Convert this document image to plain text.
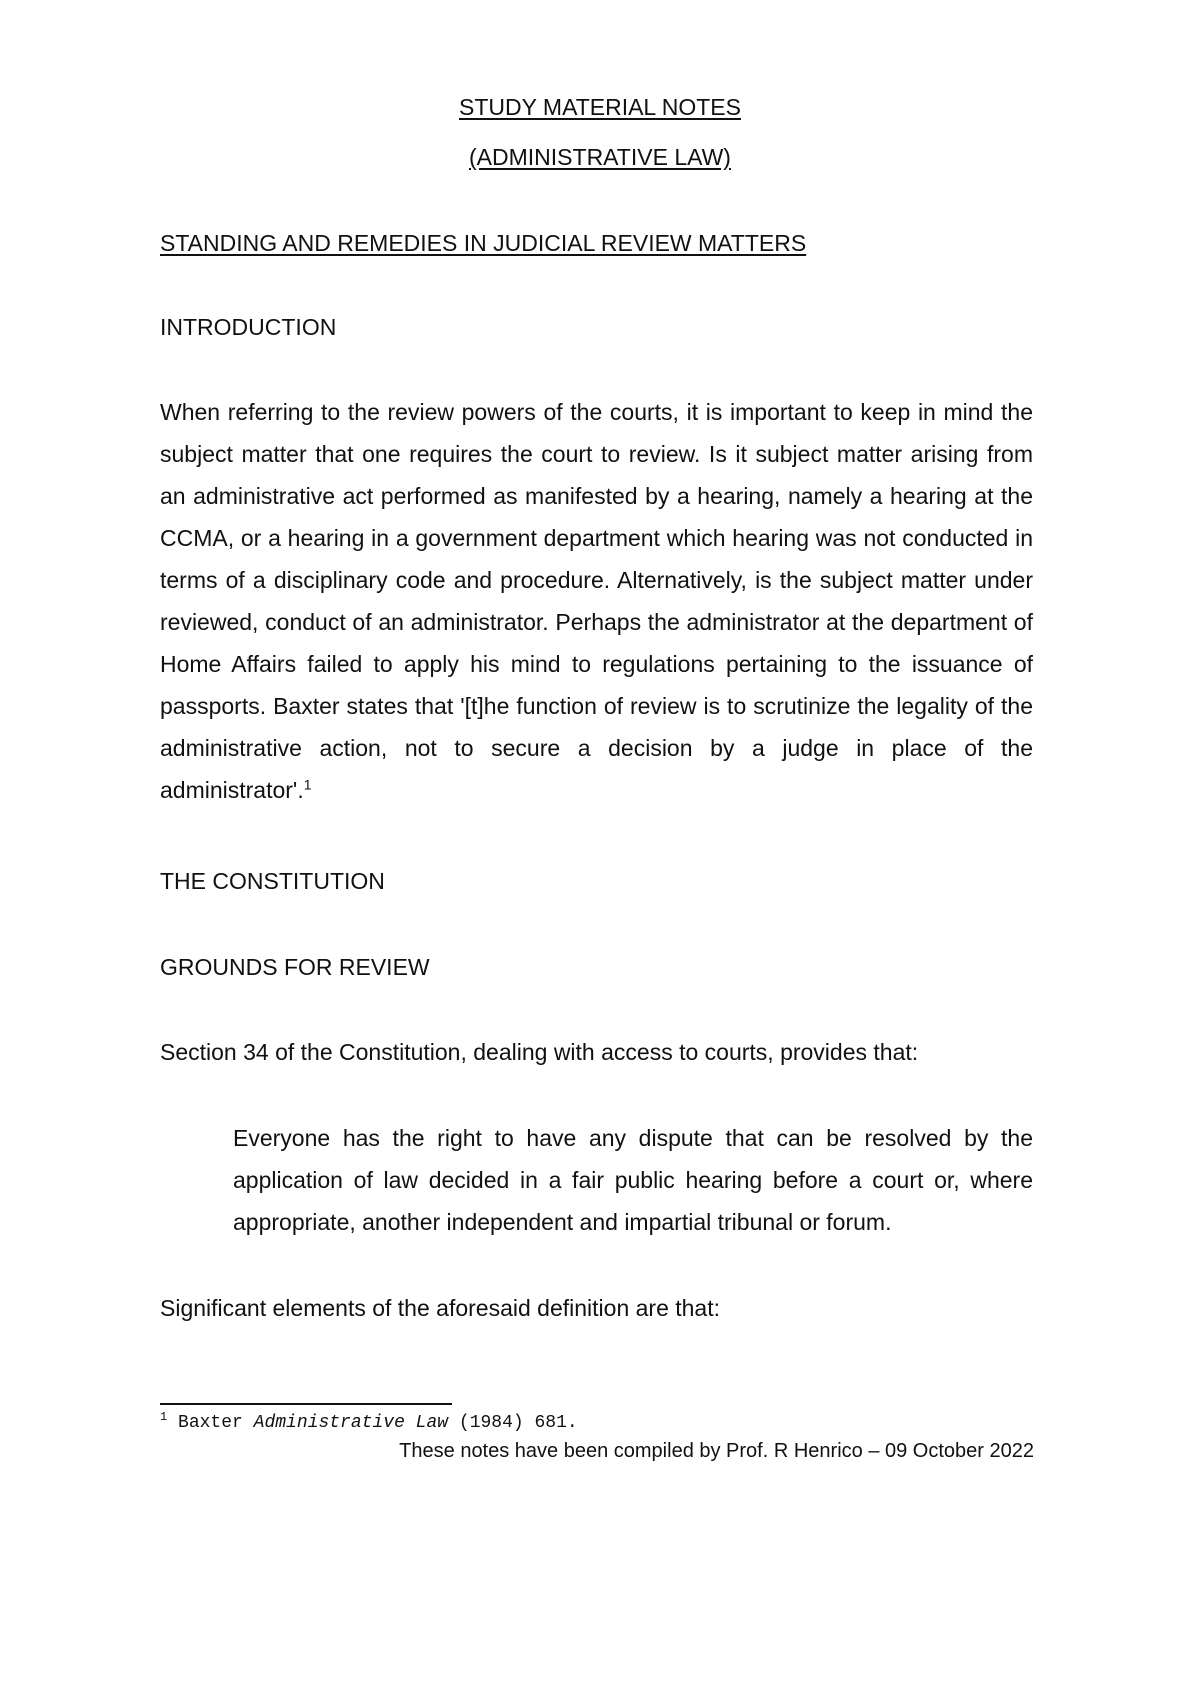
STUDY MATERIAL NOTES
(ADMINISTRATIVE LAW)
STANDING AND REMEDIES IN JUDICIAL REVIEW MATTERS
INTRODUCTION
When referring to the review powers of the courts, it is important to keep in mind the subject matter that one requires the court to review. Is it subject matter arising from an administrative act performed as manifested by a hearing, namely a hearing at the CCMA, or a hearing in a government department which hearing was not conducted in terms of a disciplinary code and procedure. Alternatively, is the subject matter under reviewed, conduct of an administrator. Perhaps the administrator at the department of Home Affairs failed to apply his mind to regulations pertaining to the issuance of passports. Baxter states that '[t]he function of review is to scrutinize the legality of the administrative action, not to secure a decision by a judge in place of the administrator'.$^1$
THE CONSTITUTION
GROUNDS FOR REVIEW
Section 34 of the Constitution, dealing with access to courts, provides that:
Everyone has the right to have any dispute that can be resolved by the application of law decided in a fair public hearing before a court or, where appropriate, another independent and impartial tribunal or forum.
Significant elements of the aforesaid definition are that:
$^1$ Baxter Administrative Law (1984) 681.
These notes have been compiled by Prof. R Henrico – 09 October 2022
